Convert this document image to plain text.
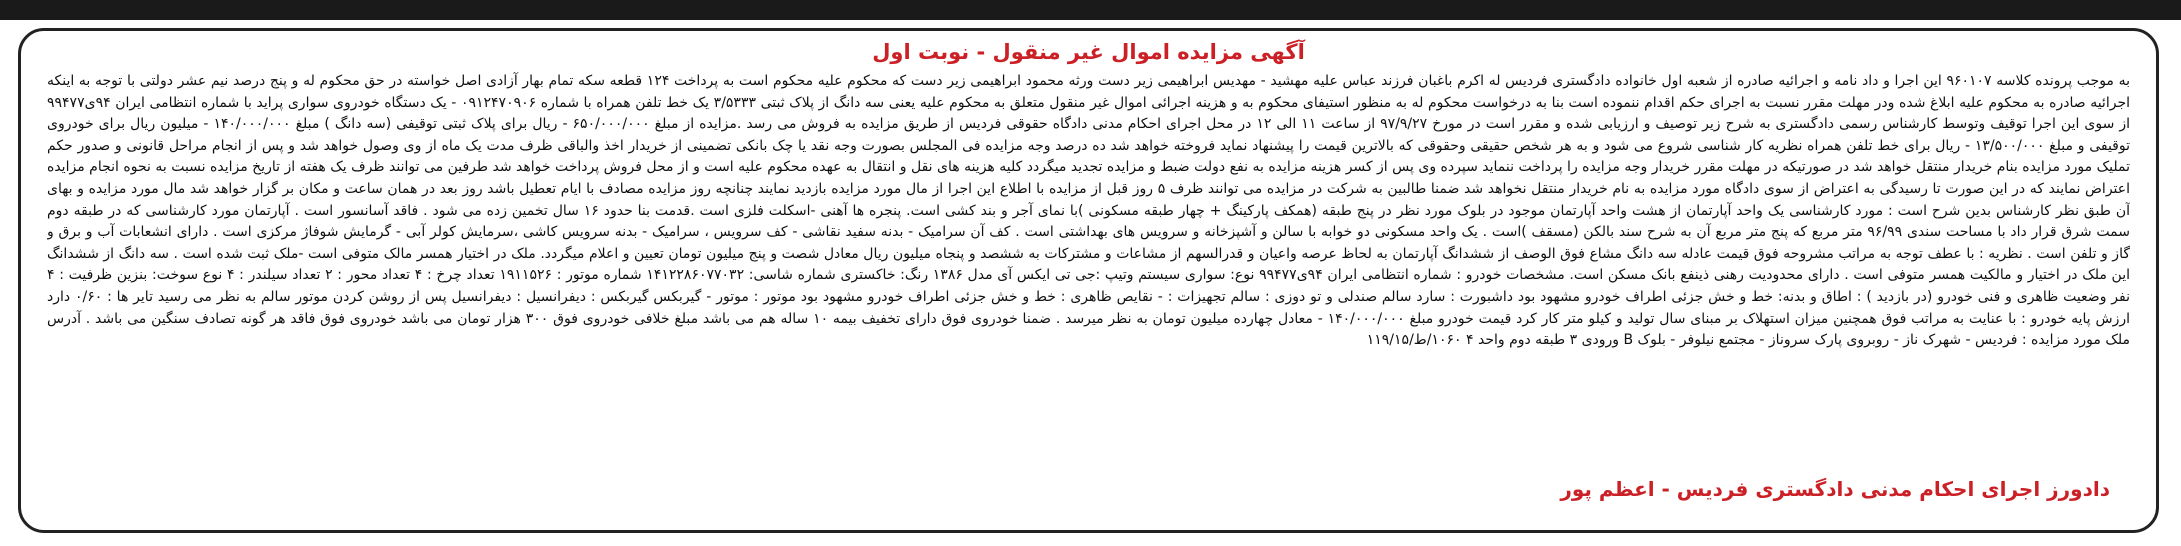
آگهی مزایده اموال غیر منقول - نوبت اول

به موجب پرونده کلاسه ۹۶۰۱۰۷ این اجرا و داد نامه و اجرائیه صادره از شعبه اول خانواده دادگستری فردیس له اکرم باغبان فرزند عباس علیه مهشید - مهدیس ابراهیمی زیر دست ورثه محمود ابراهیمی زیر دست که محکوم علیه محکوم است به پرداخت ۱۲۴ قطعه سکه تمام بهار آزادی اصل خواسته در حق محکوم له و پنج درصد نیم عشر دولتی با توجه به اینکه اجرائیه صادره به محکوم علیه ابلاغ شده ودر مهلت مقرر نسبت به اجرای حکم اقدام ننموده است بنا به درخواست محکوم له به منظور استیفای محکوم به و هزینه اجرائی اموال غیر منقول متعلق به محکوم علیه یعنی سه دانگ از پلاک ثبتی ۳/۵۳۳۳ یک خط تلفن همراه با شماره ۰۹۱۲۴۷۰۹۰۶ - یک دستگاه خودروی سواری پراید با شماره انتظامی ایران ۹۴ی۹۹۴۷۷ از سوی این اجرا توقیف وتوسط کارشناس رسمی دادگستری به شرح زیر توصیف و ارزیابی شده و مقرر است در مورخ ۹۷/۹/۲۷ از ساعت ۱۱ الی ۱۲ در محل اجرای احکام مدنی دادگاه حقوقی فردیس از طریق مزایده به فروش می رسد .مزایده از مبلغ ۶۵۰/۰۰۰/۰۰۰ - ریال برای پلاک ثبتی توقیفی (سه دانگ ) مبلغ ۱۴۰/۰۰۰/۰۰۰ - میلیون ریال برای خودروی توقیفی و مبلغ ۱۳/۵۰۰/۰۰۰ - ریال برای خط تلفن همراه نظریه کار شناسی شروع می شود و به هر شخص حقیقی وحقوقی که بالاترین قیمت را پیشنهاد نماید فروخته خواهد شد ده درصد وجه مزایده فی المجلس بصورت وجه نقد یا چک بانکی تضمینی از خریدار اخذ والباقی ظرف مدت یک ماه از وی وصول خواهد شد و پس از انجام مراحل قانونی و صدور حکم تملیک مورد مزایده بنام خریدار منتقل خواهد شد در صورتیکه در مهلت مقرر خریدار وجه مزایده را پرداخت ننماید سپرده وی پس از کسر هزینه مزایده به نفع دولت ضبط و مزایده تجدید میگردد کلیه هزینه های نقل و انتقال به عهده محکوم علیه است و از محل فروش پرداخت خواهد شد طرفین می توانند ظرف یک هفته از تاریخ مزایده نسبت به نحوه انجام مزایده اعتراض نمایند که در این صورت تا رسیدگی به اعتراض از سوی دادگاه مورد مزایده به نام خریدار منتقل نخواهد شد ضمنا طالبین به شرکت در مزایده می توانند ظرف ۵ روز قبل از مزایده با اطلاع این اجرا از مال مورد مزایده بازدید نمایند چنانچه روز مزایده مصادف با ایام تعطیل باشد روز بعد در همان ساعت و مکان بر گزار خواهد شد مال مورد مزایده و بهای آن طبق نظر کارشناس بدین شرح است : مورد کارشناسی یک واحد آپارتمان از هشت واحد آپارتمان موجود در بلوک مورد نظر در پنج طبقه (همکف پارکینگ + چهار طبقه مسکونی )با نمای آجر و بند کشی است. پنجره ها آهنی -اسکلت فلزی است .قدمت بنا حدود ۱۶ سال تخمین زده می شود . فاقد آسانسور است . آپارتمان مورد کارشناسی که در طبقه دوم سمت شرق قرار داد با مساحت سندی ۹۶/۹۹ متر مربع که پنج متر مربع آن به شرح سند بالکن (مسقف )است . یک واحد مسکونی دو خوابه با سالن و آشپزخانه و سرویس های بهداشتی است . کف آن سرامیک - بدنه سفید نقاشی - کف سرویس ، سرامیک - بدنه سرویس کاشی ،سرمایش کولر آبی - گرمایش شوفاژ مرکزی است . دارای انشعابات آب و برق و گاز و تلفن است . نظریه : با عطف توجه به مراتب مشروحه فوق قیمت عادله سه دانگ مشاع فوق الوصف از ششدانگ آپارتمان به لحاظ عرصه واعیان و قدرالسهم از مشاعات و مشترکات به ششصد و پنجاه میلیون ریال معادل شصت و پنج میلیون تومان تعیین و اعلام میگردد. ملک در اختیار همسر مالک متوفی است -ملک ثبت شده است . سه دانگ از ششدانگ این ملک در اختیار و مالکیت همسر متوفی است . دارای محدودیت رهنی ذینفع بانک مسکن است. مشخصات خودرو : شماره انتظامی ایران ۹۴ی۹۹۴۷۷ نوع: سواری سیستم وتیپ :جی تی ایکس آی مدل ۱۳۸۶ رنگ: خاکستری شماره شاسی: ۱۴۱۲۲۸۶۰۷۷۰۳۲ شماره موتور : ۱۹۱۱۵۲۶ تعداد چرخ : ۴ تعداد محور : ۲ تعداد سیلندر : ۴ نوع سوخت: بنزین ظرفیت : ۴ نفر وضعیت ظاهری و فنی خودرو (در بازدید ) : اطاق و بدنه: خط و خش جزئی اطراف خودرو مشهود بود داشبورت : سارد سالم صندلی و تو دوزی : سالم تجهیزات : - نقایص ظاهری : خط و خش جزئی اطراف خودرو مشهود بود موتور : موتور - گیربکس گیربکس : دیفرانسیل : دیفرانسیل پس از روشن کردن موتور سالم به نظر می رسید تایر ها : ۰/۶۰ دارد ارزش پایه خودرو : با عنایت به مراتب فوق همچنین میزان استهلاک بر مبنای سال تولید و کیلو متر کار کرد قیمت خودرو مبلغ ۱۴۰/۰۰۰/۰۰۰ - معادل چهارده میلیون تومان به نظر میرسد . ضمنا خودروی فوق دارای تخفیف بیمه ۱۰ ساله هم می باشد مبلغ خلافی خودروی فوق ۳۰۰ هزار تومان می باشد خودروی فوق فاقد هر گونه تصادف سنگین می باشد . آدرس ملک مورد مزایده : فردیس - شهرک ناز - روبروی پارک سروناز - مجتمع نیلوفر - بلوک B ورودی ۳ طبقه دوم واحد ۴ ۱۰۶۰/ط/۱۱۹/۱۵

دادورز اجرای احکام مدنی دادگستری فردیس - اعظم پور
